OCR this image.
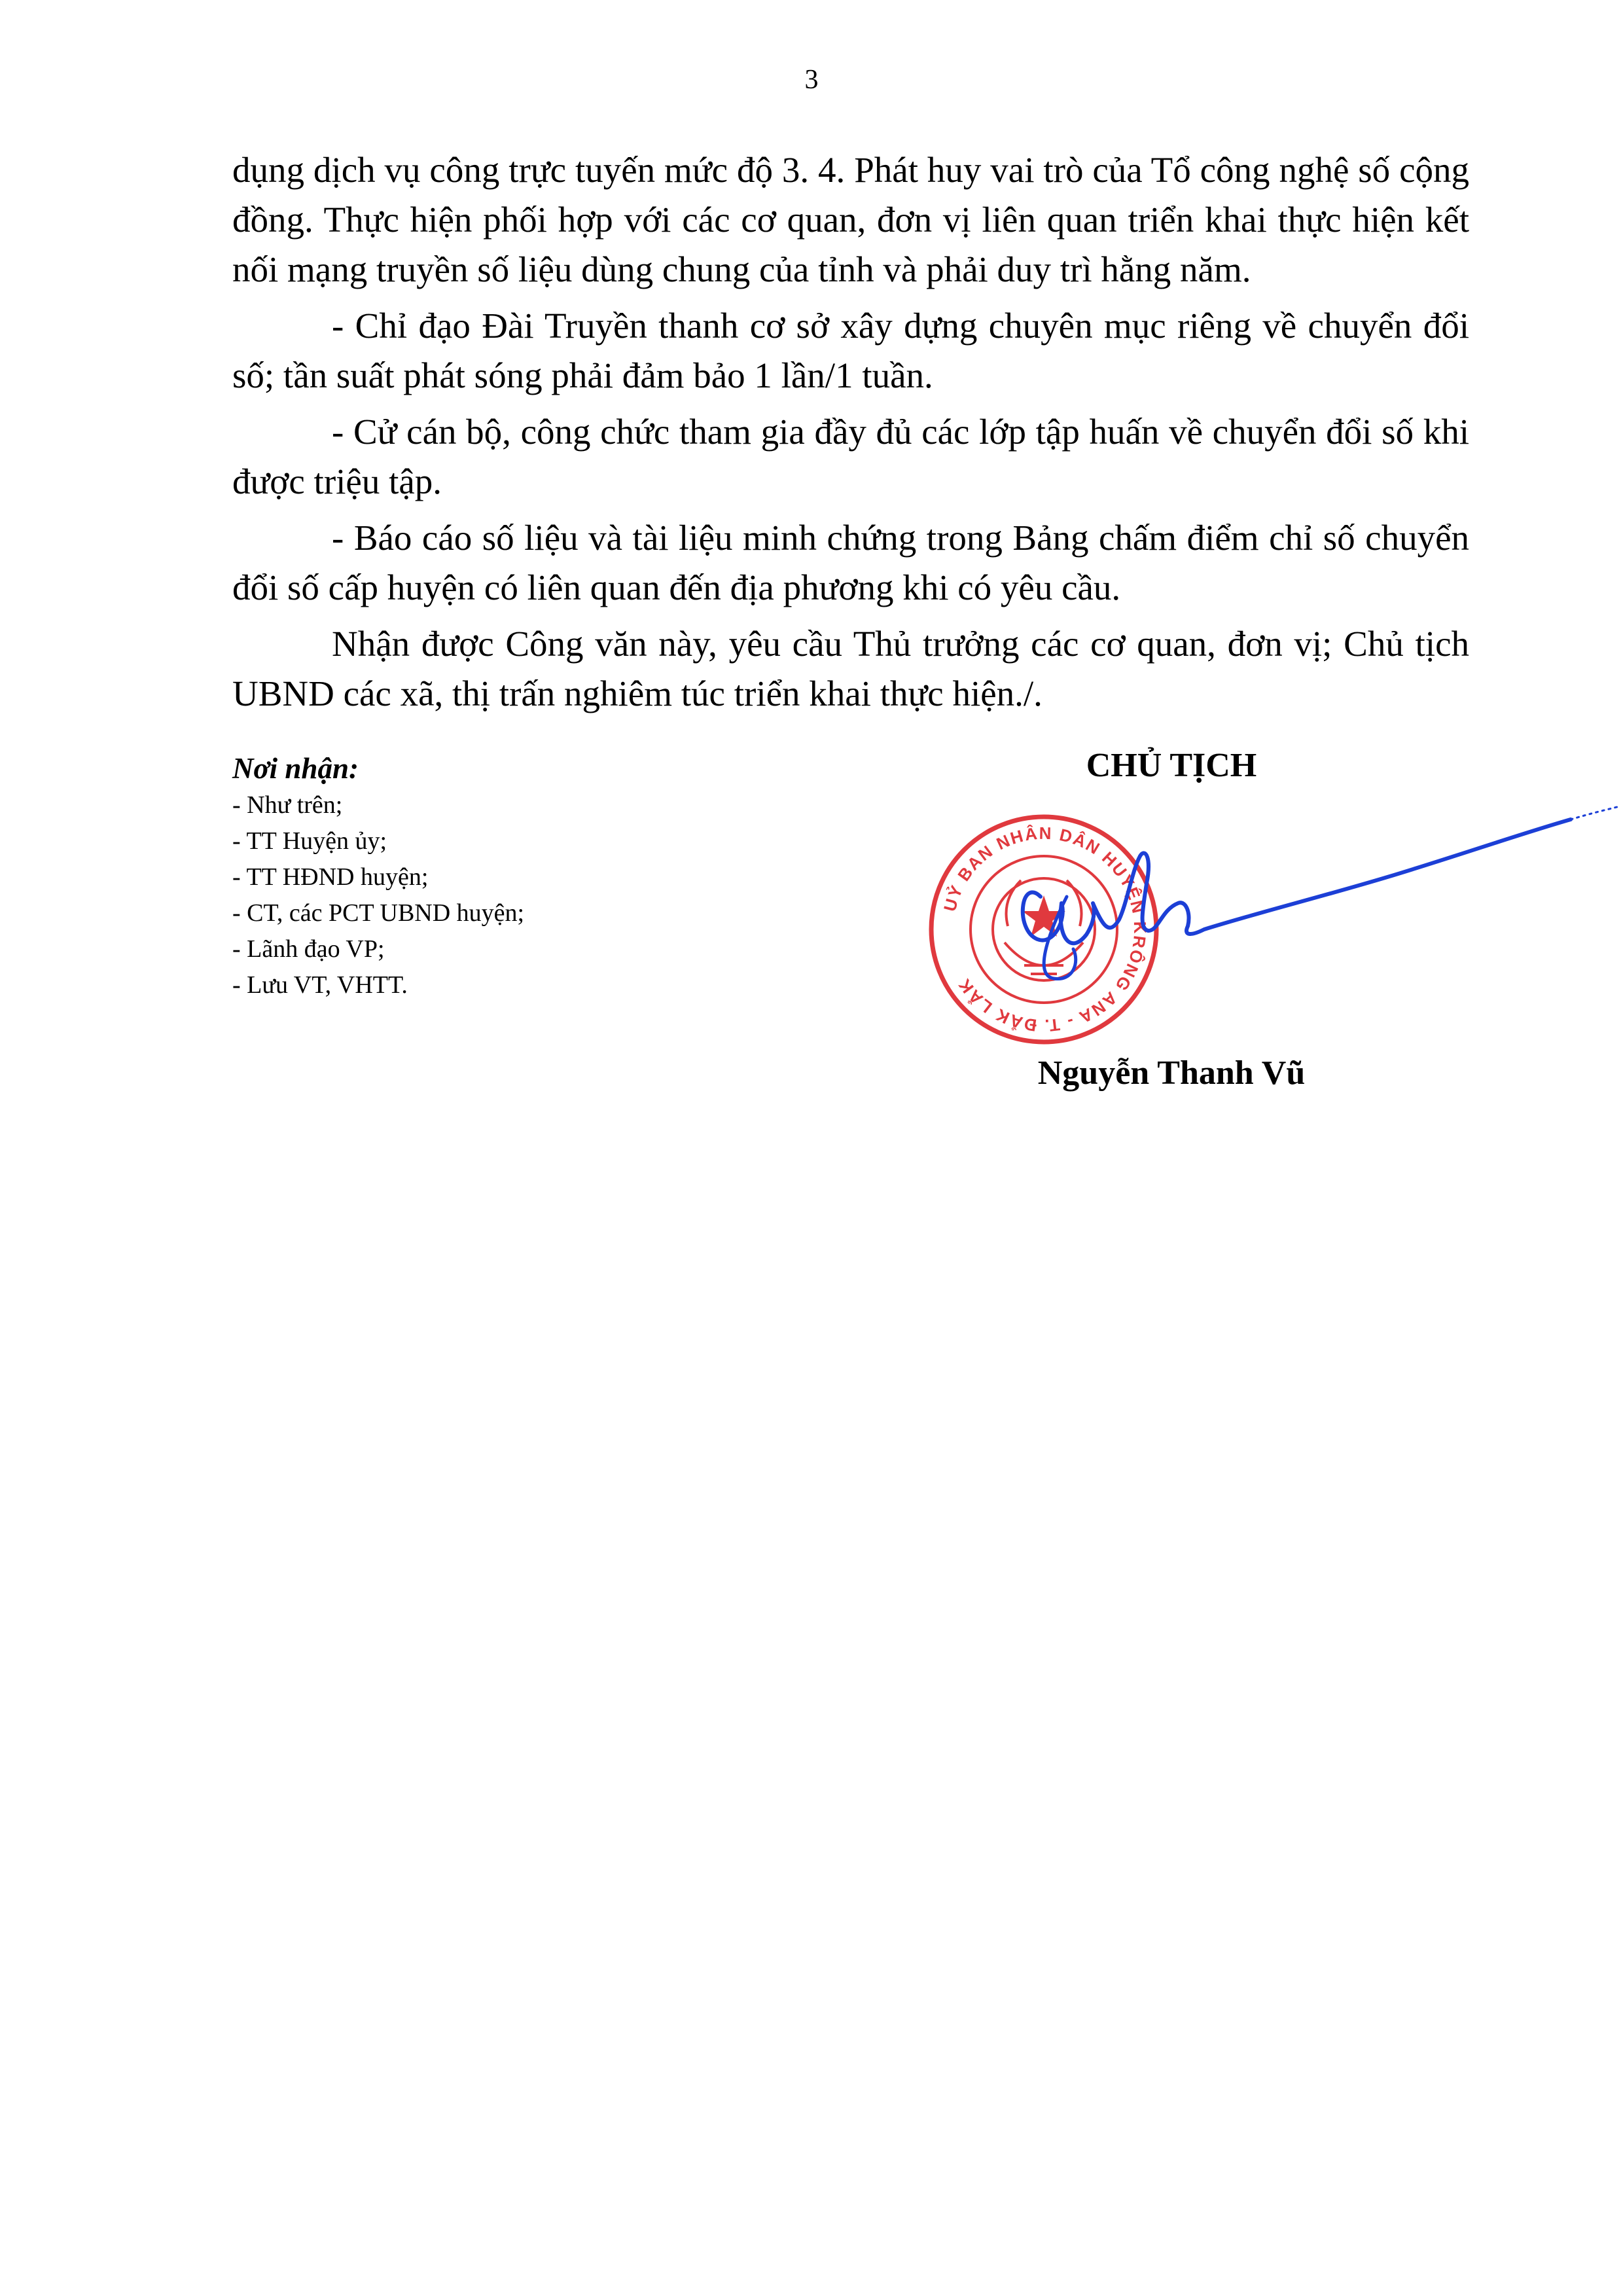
3

dụng dịch vụ công trực tuyến mức độ 3. 4. Phát huy vai trò của Tổ công nghệ số cộng đồng. Thực hiện phối hợp với các cơ quan, đơn vị liên quan triển khai thực hiện kết nối mạng truyền số liệu dùng chung của tỉnh và phải duy trì hằng năm.

- Chỉ đạo Đài Truyền thanh cơ sở xây dựng chuyên mục riêng về chuyển đổi số; tần suất phát sóng phải đảm bảo 1 lần/1 tuần.

- Cử cán bộ, công chức tham gia đầy đủ các lớp tập huấn về chuyển đổi số khi được triệu tập.

- Báo cáo số liệu và tài liệu minh chứng trong Bảng chấm điểm chỉ số chuyển đổi số cấp huyện có liên quan đến địa phương khi có yêu cầu.

Nhận được Công văn này, yêu cầu Thủ trưởng các cơ quan, đơn vị; Chủ tịch UBND các xã, thị trấn nghiêm túc triển khai thực hiện./.

Nơi nhận:
- Như trên;
- TT Huyện ủy;
- TT HĐND huyện;
- CT, các PCT UBND huyện;
- Lãnh đạo VP;
- Lưu VT, VHTT.
CHỦ TỊCH
UỶ BAN NHÂN DÂN HUYỆN KRÔNG ANA - T. ĐẮK LẮK
Nguyễn Thanh Vũ
